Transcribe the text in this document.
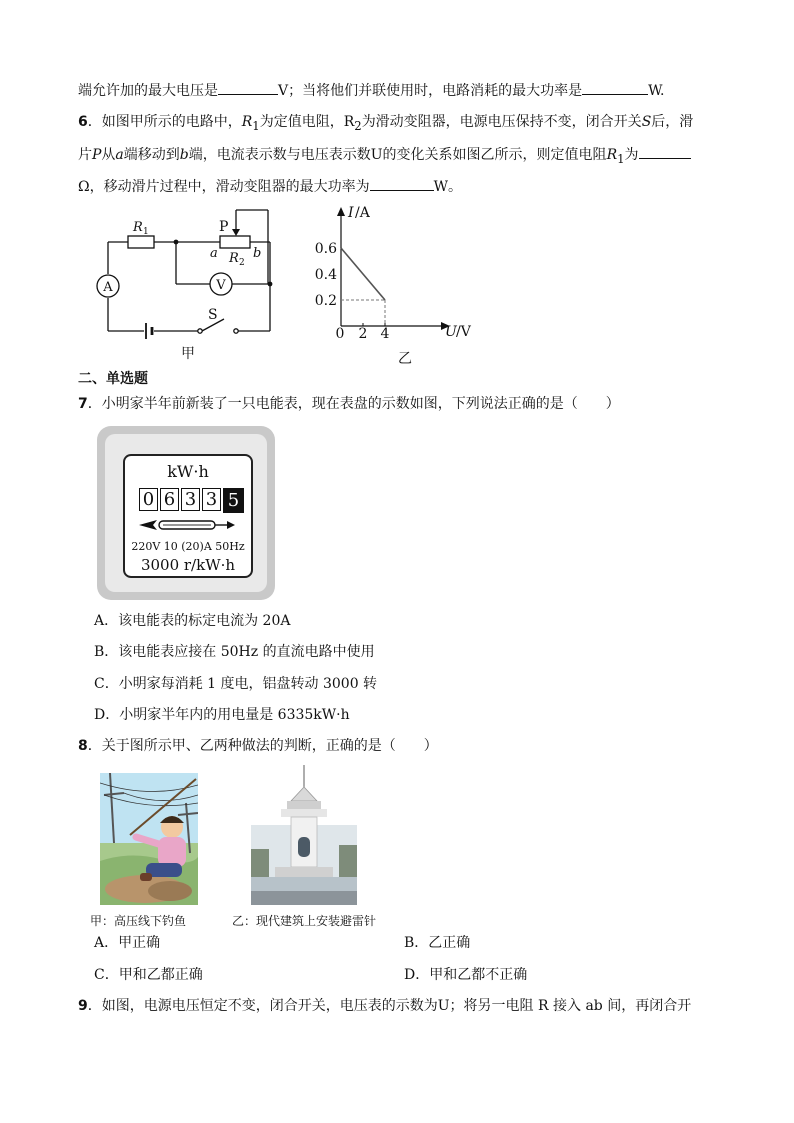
端允许加的最大电压是	V；当将他们并联使用时，电路消耗的最大功率是	W.
6．如图甲所示的电路中，$R_1$为定值电阻，$R_2$为滑动变阻器，电源电压保持不变，闭合开关S后，滑
片P从a端移动到b端，电流表示数与电压表示数U的变化关系如图乙所示，则定值电阻$R_1$为
Ω，移动滑片过程中，滑动变阻器的最大功率为	W。
R 1	P
a	b
R 2
A	V
S
甲
I /A
U /V
0
乙
2 4
0.2
0.4
0.6
二、单选题
7．小明家半年前新装了一只电能表，现在表盘的示数如图，下列说法正确的是（　　）
kW·h
0 6 3 3 5
220V 10 (20)A 50Hz
3000 r/kW·h
A．该电能表的标定电流为 20A
B．该电能表应接在 50Hz 的直流电路中使用
C．小明家每消耗 1 度电，铝盘转动 3000 转
D．小明家半年内的用电量是 6335kW·h
8．关于图所示甲、乙两种做法的判断，正确的是（　　）
甲：高压线下钓鱼	乙：现代建筑上安装避雷针
A．甲正确	B．乙正确
C．甲和乙都正确	D．甲和乙都不正确
9．如图，电源电压恒定不变，闭合开关，电压表的示数为U；将另一电阻 R 接入 ab 间，再闭合开
